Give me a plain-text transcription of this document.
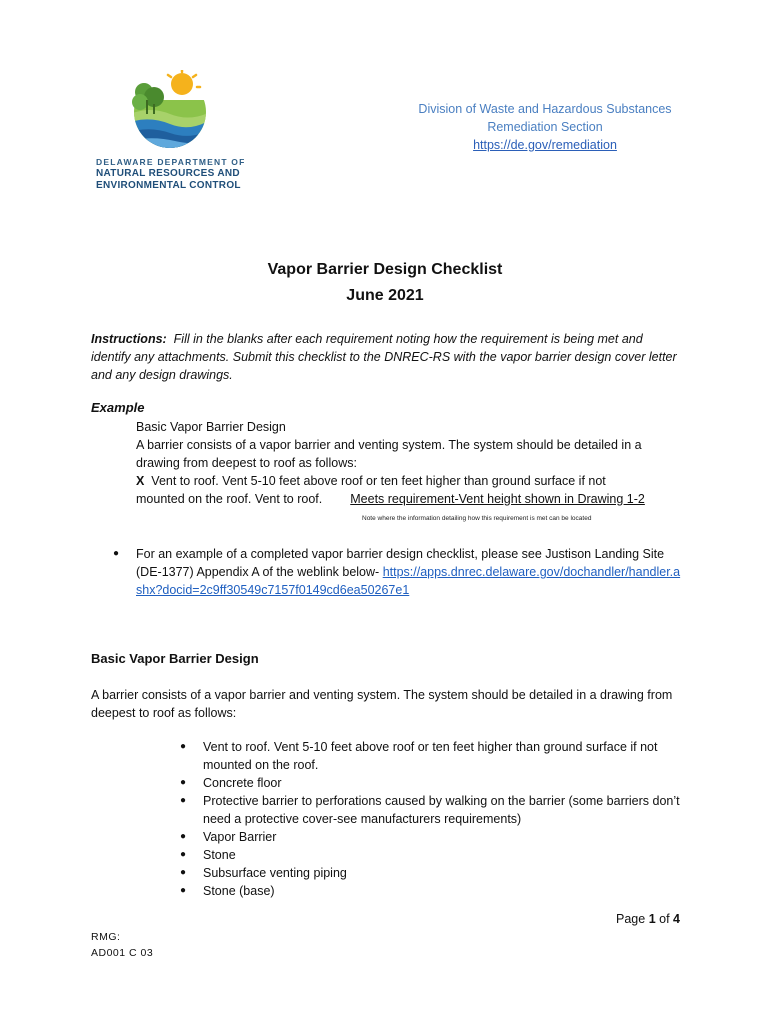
DELAWARE DEPARTMENT OF
NATURAL RESOURCES AND
ENVIRONMENTAL CONTROL
Division of Waste and Hazardous Substances
Remediation Section
https://de.gov/remediation
Vapor Barrier Design Checklist
June 2021
Instructions: Fill in the blanks after each requirement noting how the requirement is being met and identify any attachments. Submit this checklist to the DNREC-RS with the vapor barrier design cover letter and any design drawings.
Example
Basic Vapor Barrier Design
A barrier consists of a vapor barrier and venting system. The system should be detailed in a drawing from deepest to roof as follows:
X Vent to roof. Vent 5-10 feet above roof or ten feet higher than ground surface if not
mounted on the roof. Vent to roof. Meets requirement-Vent height shown in Drawing 1-2
Note where the information detailing how this requirement is met can be located
● For an example of a completed vapor barrier design checklist, please see Justison Landing Site (DE-1377) Appendix A of the weblink below- https://apps.dnrec.delaware.gov/dochandler/handler.ashx?docid=2c9ff30549c7157f0149cd6ea50267e1
Basic Vapor Barrier Design
A barrier consists of a vapor barrier and venting system. The system should be detailed in a drawing from deepest to roof as follows:
● Vent to roof. Vent 5-10 feet above roof or ten feet higher than ground surface if not mounted on the roof.
● Concrete floor
● Protective barrier to perforations caused by walking on the barrier (some barriers don’t need a protective cover-see manufacturers requirements)
● Vapor Barrier
● Stone
● Subsurface venting piping
● Stone (base)
Page 1 of 4
RMG:
AD001 C 03
